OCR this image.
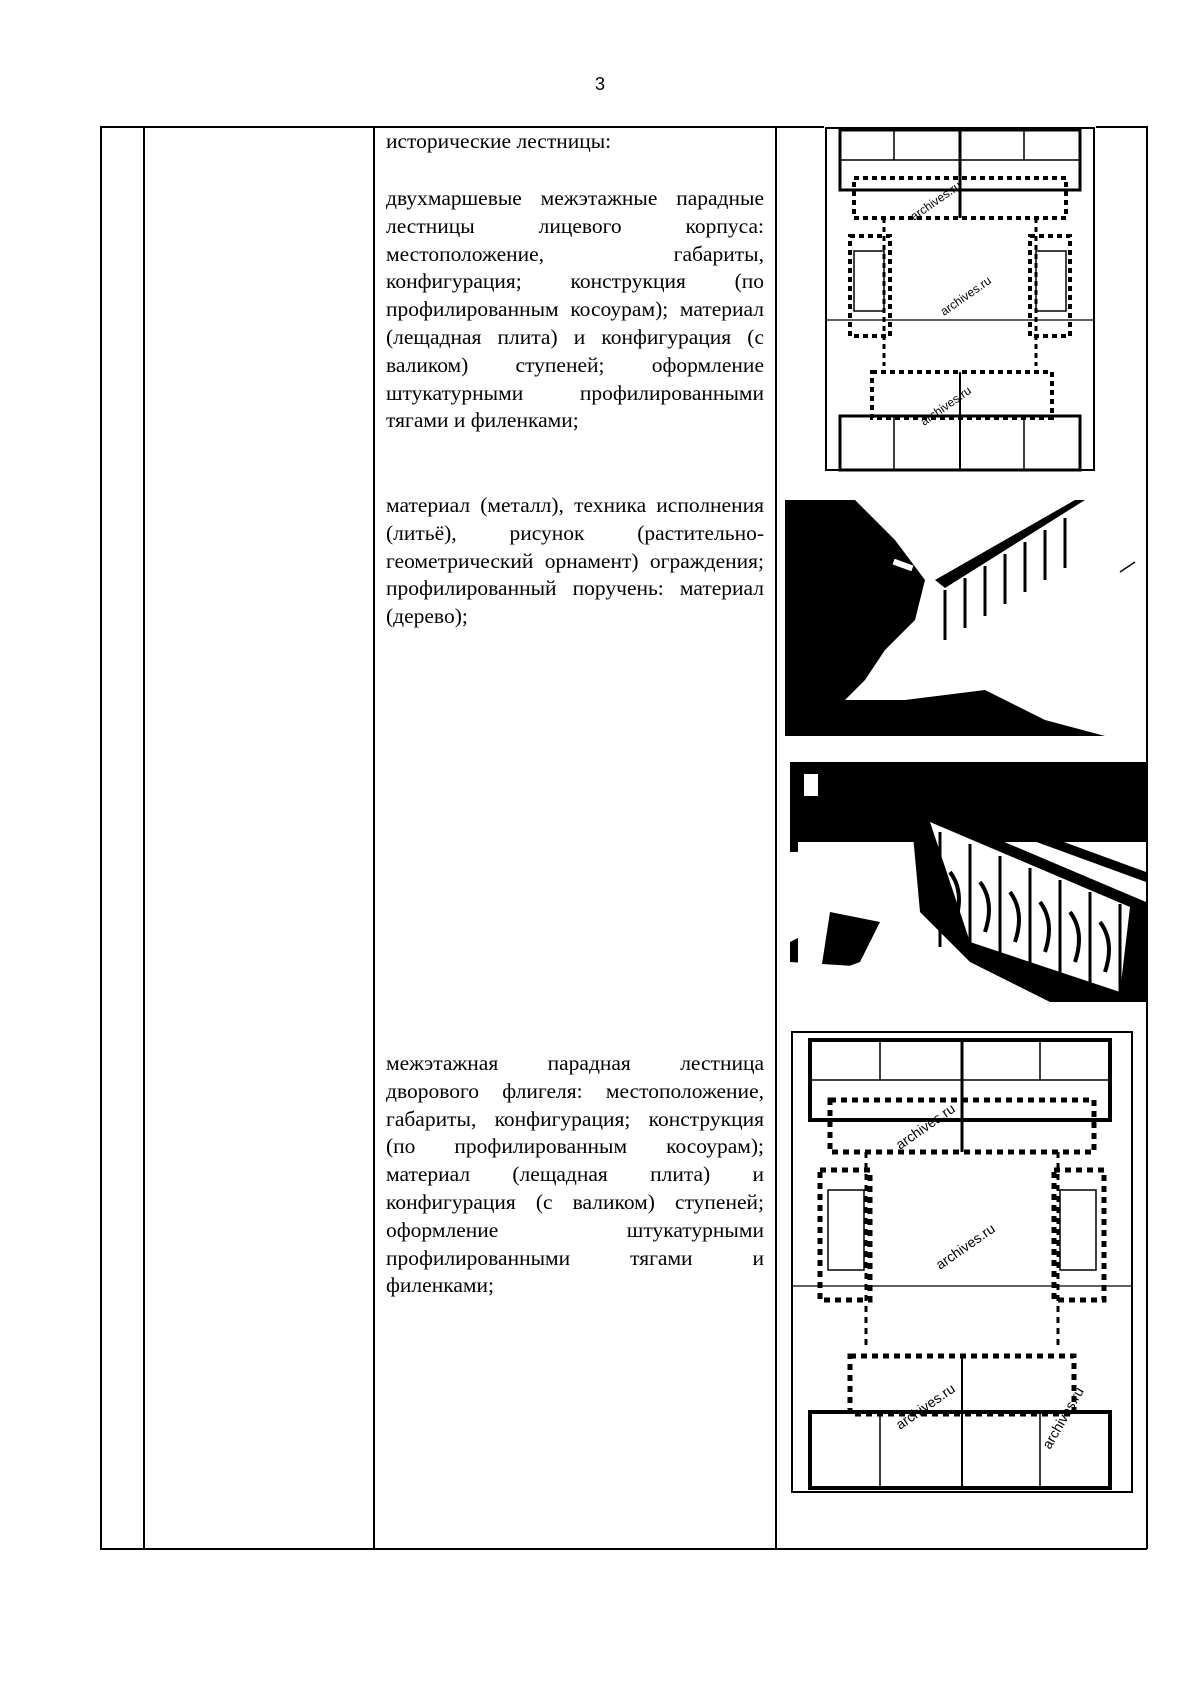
3
исторические лестницы:
двухмаршевые межэтажные парадные лестницы лицевого корпуса: местоположение, габариты, конфигурация; конструкция (по профилированным косоурам); материал (лещадная плита) и конфигурация (с валиком) ступеней; оформление штукатурными профилированными тягами и филенками;
материал (металл), техника исполнения (литьё), рисунок (растительно-геометрический орнамент) ограждения; профилированный поручень: материал (дерево);
межэтажная парадная лестница дворового флигеля: местоположение, габариты, конфигурация; конструкция (по профилированным косоурам); материал (лещадная плита) и конфигурация (с валиком) ступеней; оформление штукатурными профилированными тягами и филенками;
archives.ru
archives.ru
archives.ru
archives.ru
archives.ru
archives.ru	archives.ru
